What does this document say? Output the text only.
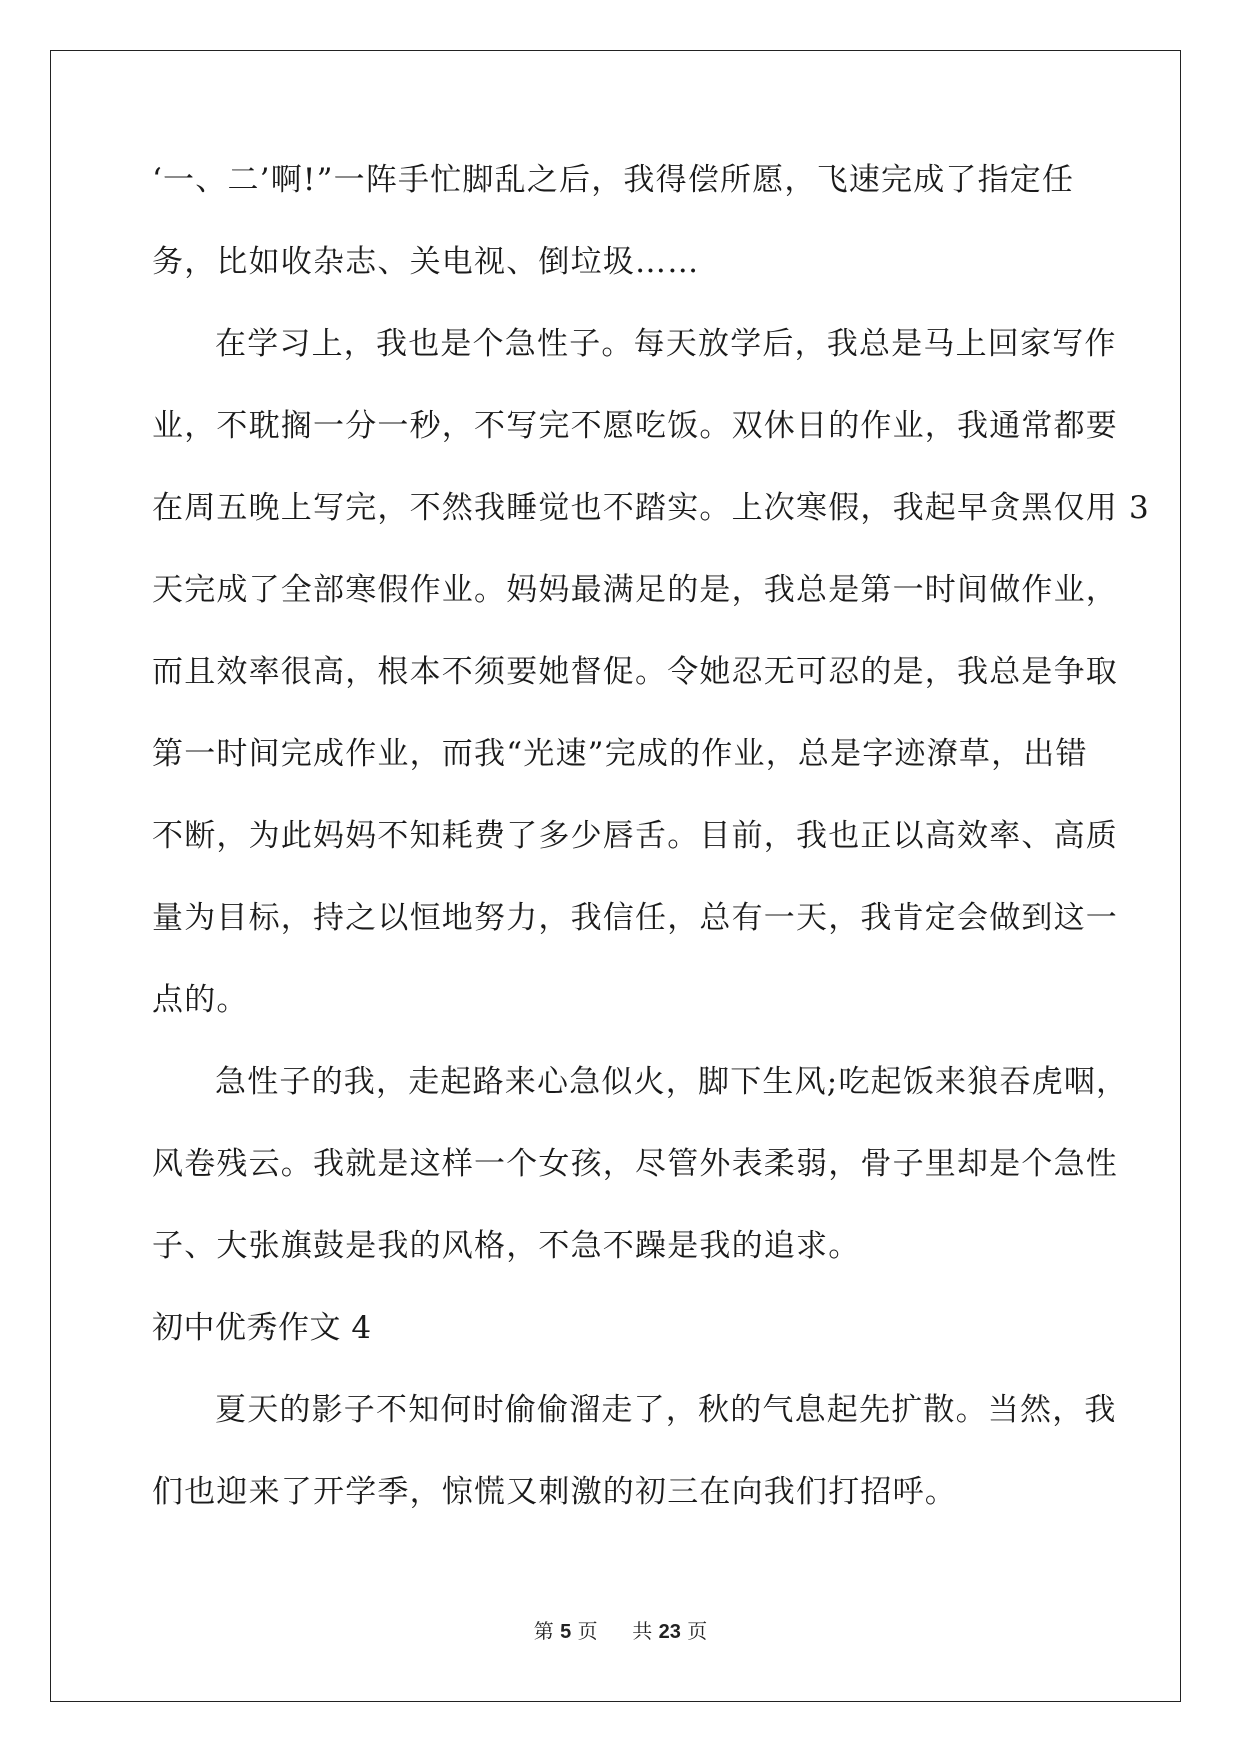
‘一、二’啊!”一阵手忙脚乱之后，我得偿所愿，飞速完成了指定任
务，比如收杂志、关电视、倒垃圾……
在学习上，我也是个急性子。每天放学后，我总是马上回家写作
业，不耽搁一分一秒，不写完不愿吃饭。双休日的作业，我通常都要
在周五晚上写完，不然我睡觉也不踏实。上次寒假，我起早贪黑仅用 3
天完成了全部寒假作业。妈妈最满足的是，我总是第一时间做作业，
而且效率很高，根本不须要她督促。令她忍无可忍的是，我总是争取
第一时间完成作业，而我“光速”完成的作业，总是字迹潦草，出错
不断，为此妈妈不知耗费了多少唇舌。目前，我也正以高效率、高质
量为目标，持之以恒地努力，我信任，总有一天，我肯定会做到这一
点的。
急性子的我，走起路来心急似火，脚下生风;吃起饭来狼吞虎咽，
风卷残云。我就是这样一个女孩，尽管外表柔弱，骨子里却是个急性
子、大张旗鼓是我的风格，不急不躁是我的追求。
初中优秀作文 4
夏天的影子不知何时偷偷溜走了，秋的气息起先扩散。当然，我
们也迎来了开学季，惊慌又刺激的初三在向我们打招呼。
第 5 页 共 23 页
